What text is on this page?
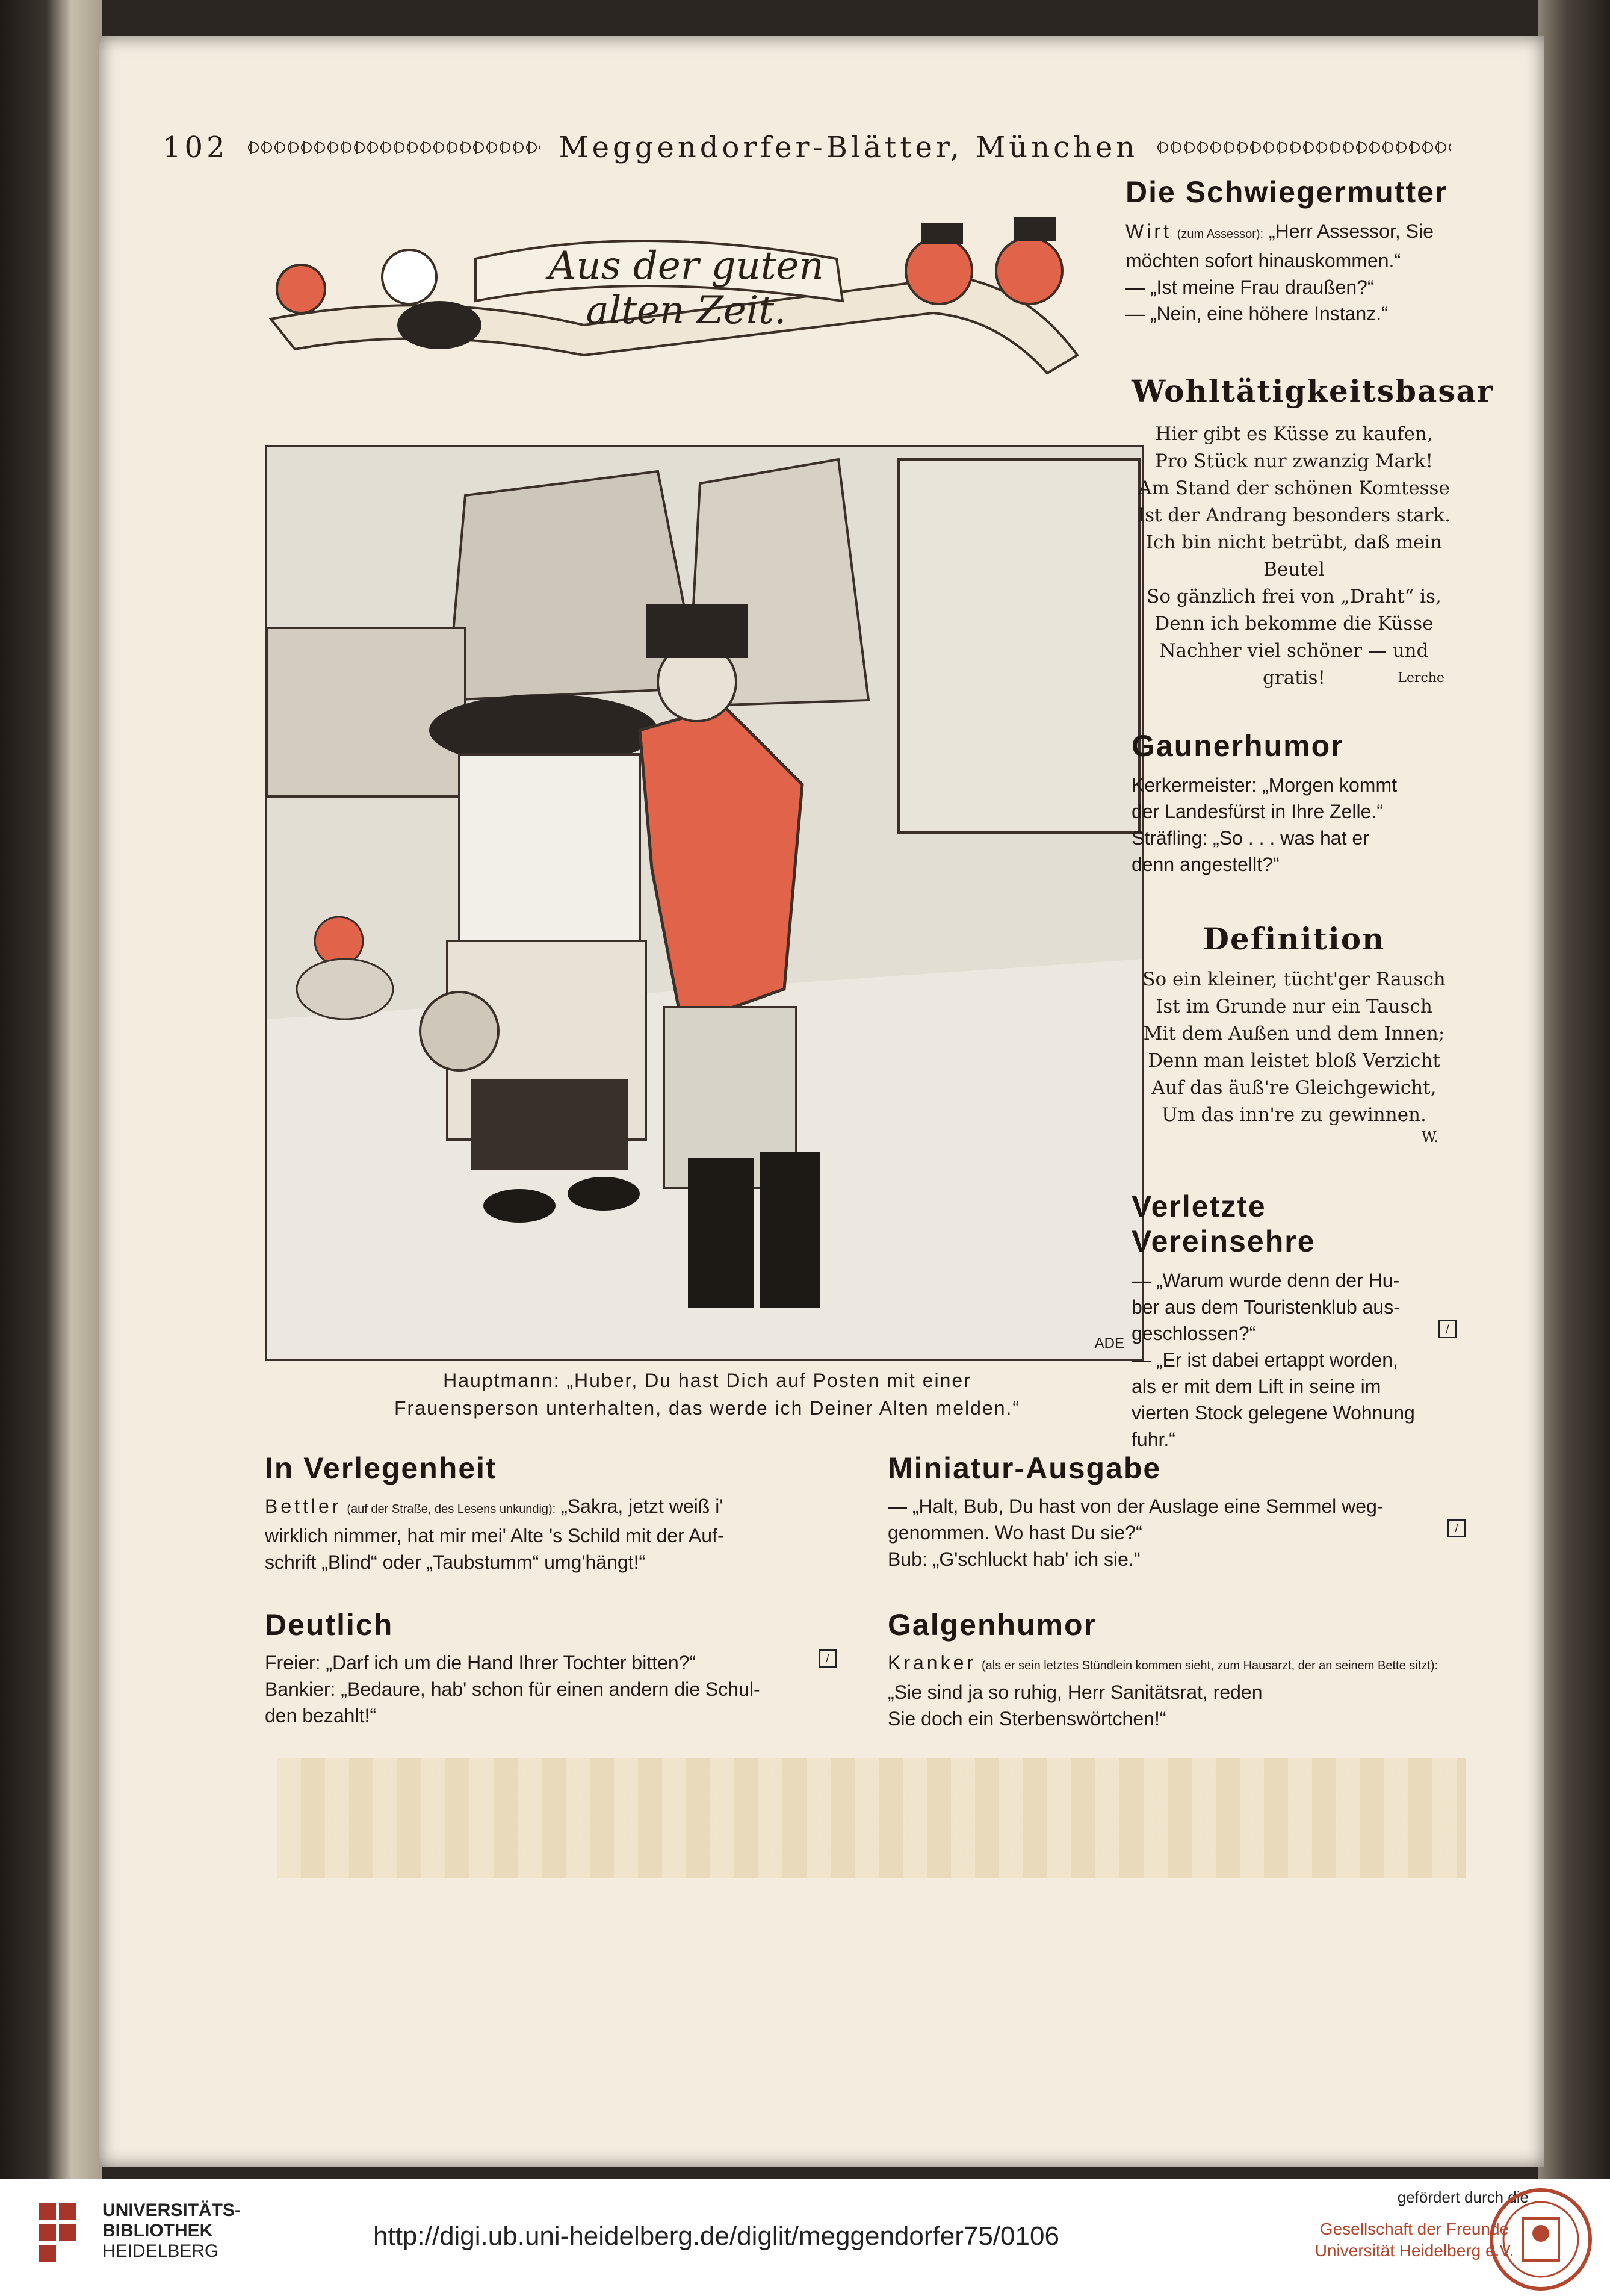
102	Meggendorfer-Blätter, München
Aus der guten alten Zeit.
ADE
Hauptmann: „Huber, Du hast Dich auf Posten mit einer
Frauensperson unterhalten, das werde ich Deiner Alten melden.“
Die Schwiegermutter
Wirt (zum Assessor): „Herr Assessor, Sie
möchten sofort hinauskommen.“
— „Ist meine Frau draußen?“
— „Nein, eine höhere Instanz.“
Wohltätigkeitsbasar
Hier gibt es Küsse zu kaufen,
Pro Stück nur zwanzig Mark!
Am Stand der schönen Komtesse
Ist der Andrang besonders stark.
Ich bin nicht betrübt, daß mein
Beutel
So gänzlich frei von „Draht“ is,
Denn ich bekomme die Küsse
Nachher viel schöner — und
gratis!	Lerche
Gaunerhumor
Kerkermeister: „Morgen kommt
der Landesfürst in Ihre Zelle.“
Sträfling: „So . . . was hat er
denn angestellt?“
Definition
So ein kleiner, tücht'ger Rausch
Ist im Grunde nur ein Tausch
Mit dem Außen und dem Innen;
Denn man leistet bloß Verzicht
Auf das äuß're Gleichgewicht,
Um das inn're zu gewinnen.
W.
Verletzte Vereinsehre
— „Warum wurde denn der Hu-
ber aus dem Touristenklub aus-
geschlossen?“	/
— „Er ist dabei ertappt worden,
als er mit dem Lift in seine im
vierten Stock gelegene Wohnung
fuhr.“
In Verlegenheit
Bettler (auf der Straße, des Lesens unkundig): „Sakra, jetzt weiß i'
wirklich nimmer, hat mir mei' Alte 's Schild mit der Auf-
schrift „Blind“ oder „Taubstumm“ umg'hängt!“
Miniatur-Ausgabe
— „Halt, Bub, Du hast von der Auslage eine Semmel weg-
genommen. Wo hast Du sie?“	/
Bub: „G'schluckt hab' ich sie.“
Deutlich
Freier: „Darf ich um die Hand Ihrer Tochter bitten?“	/
Bankier: „Bedaure, hab' schon für einen andern die Schul-
den bezahlt!“
Galgenhumor
Kranker (als er sein letztes Stündlein kommen sieht, zum Hausarzt, der an seinem Bette sitzt):
„Sie sind ja so ruhig, Herr Sanitätsrat, reden
Sie doch ein Sterbenswörtchen!“
UNIVERSITÄTS-
BIBLIOTHEK
HEIDELBERG
http://digi.ub.uni-heidelberg.de/diglit/meggendorfer75/0106
gefördert durch die
Gesellschaft der Freunde
Universität Heidelberg e.V.
